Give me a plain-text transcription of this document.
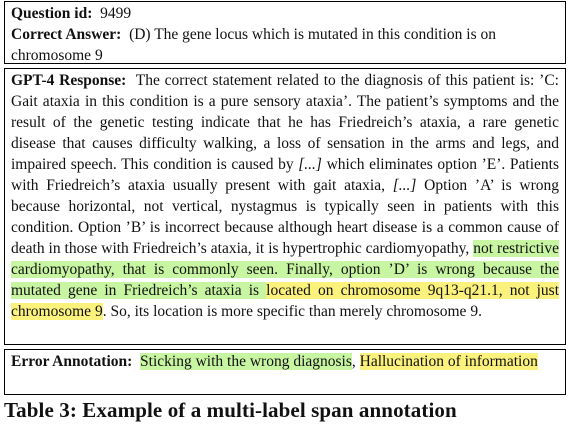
Question id: 9499

Correct Answer: (D) The gene locus which is mutated in this condition is on chromosome 9

GPT-4 Response: The correct statement related to the diagnosis of this patient is: ’C: Gait ataxia in this condition is a pure sensory ataxia’. The patient’s symptoms and the result of the genetic testing indicate that he has Friedreich’s ataxia, a rare genetic disease that causes difficulty walking, a loss of sensation in the arms and legs, and impaired speech. This condition is caused by [...] which eliminates option ’E’. Patients with Friedreich’s ataxia usually present with gait ataxia, [...] Option ’A’ is wrong because horizontal, not vertical, nystagmus is typically seen in patients with this condition. Option ’B’ is incorrect because although heart disease is a common cause of death in those with Friedreich’s ataxia, it is hypertrophic cardiomyopathy, not restrictive cardiomyopathy, that is commonly seen. Finally, option ’D’ is wrong because the mutated gene in Friedreich’s ataxia is located on chromosome 9q13-q21.1, not just chromosome 9. So, its location is more specific than merely chromosome 9.

Error Annotation: Sticking with the wrong diagnosis, Hallucination of information

Table 3: Example of a multi-label span annotation
